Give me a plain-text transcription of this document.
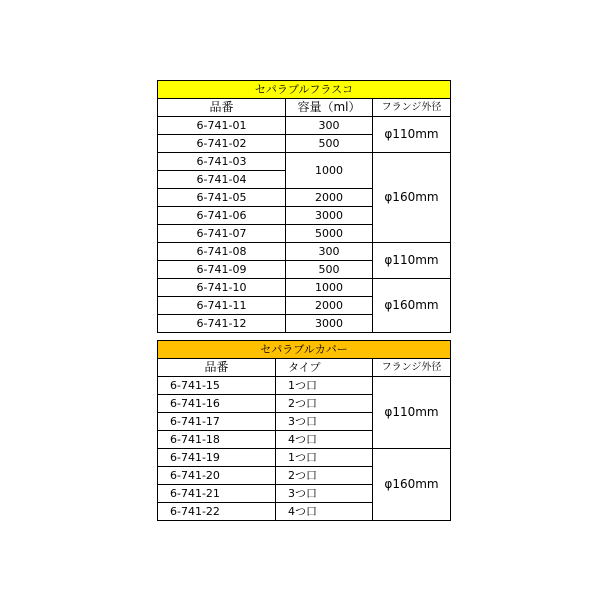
セパラブルフラスコ		
品番	容量（ml）	フランジ外径
6-741-01	300	φ110mm
6-741-02	500	
6-741-03	1000	φ160mm
6-741-04		
6-741-05	2000	
6-741-06	3000	
6-741-07	5000	
6-741-08	300	φ110mm
6-741-09	500	
6-741-10	1000	φ160mm
6-741-11	2000	
6-741-12	3000	
セパラブルカバー		
品番	タイプ	フランジ外径
6-741-15	1つ口	φ110mm
6-741-16	2つ口	
6-741-17	3つ口	
6-741-18	4つ口	
6-741-19	1つ口	φ160mm
6-741-20	2つ口	
6-741-21	3つ口	
6-741-22	4つ口	
